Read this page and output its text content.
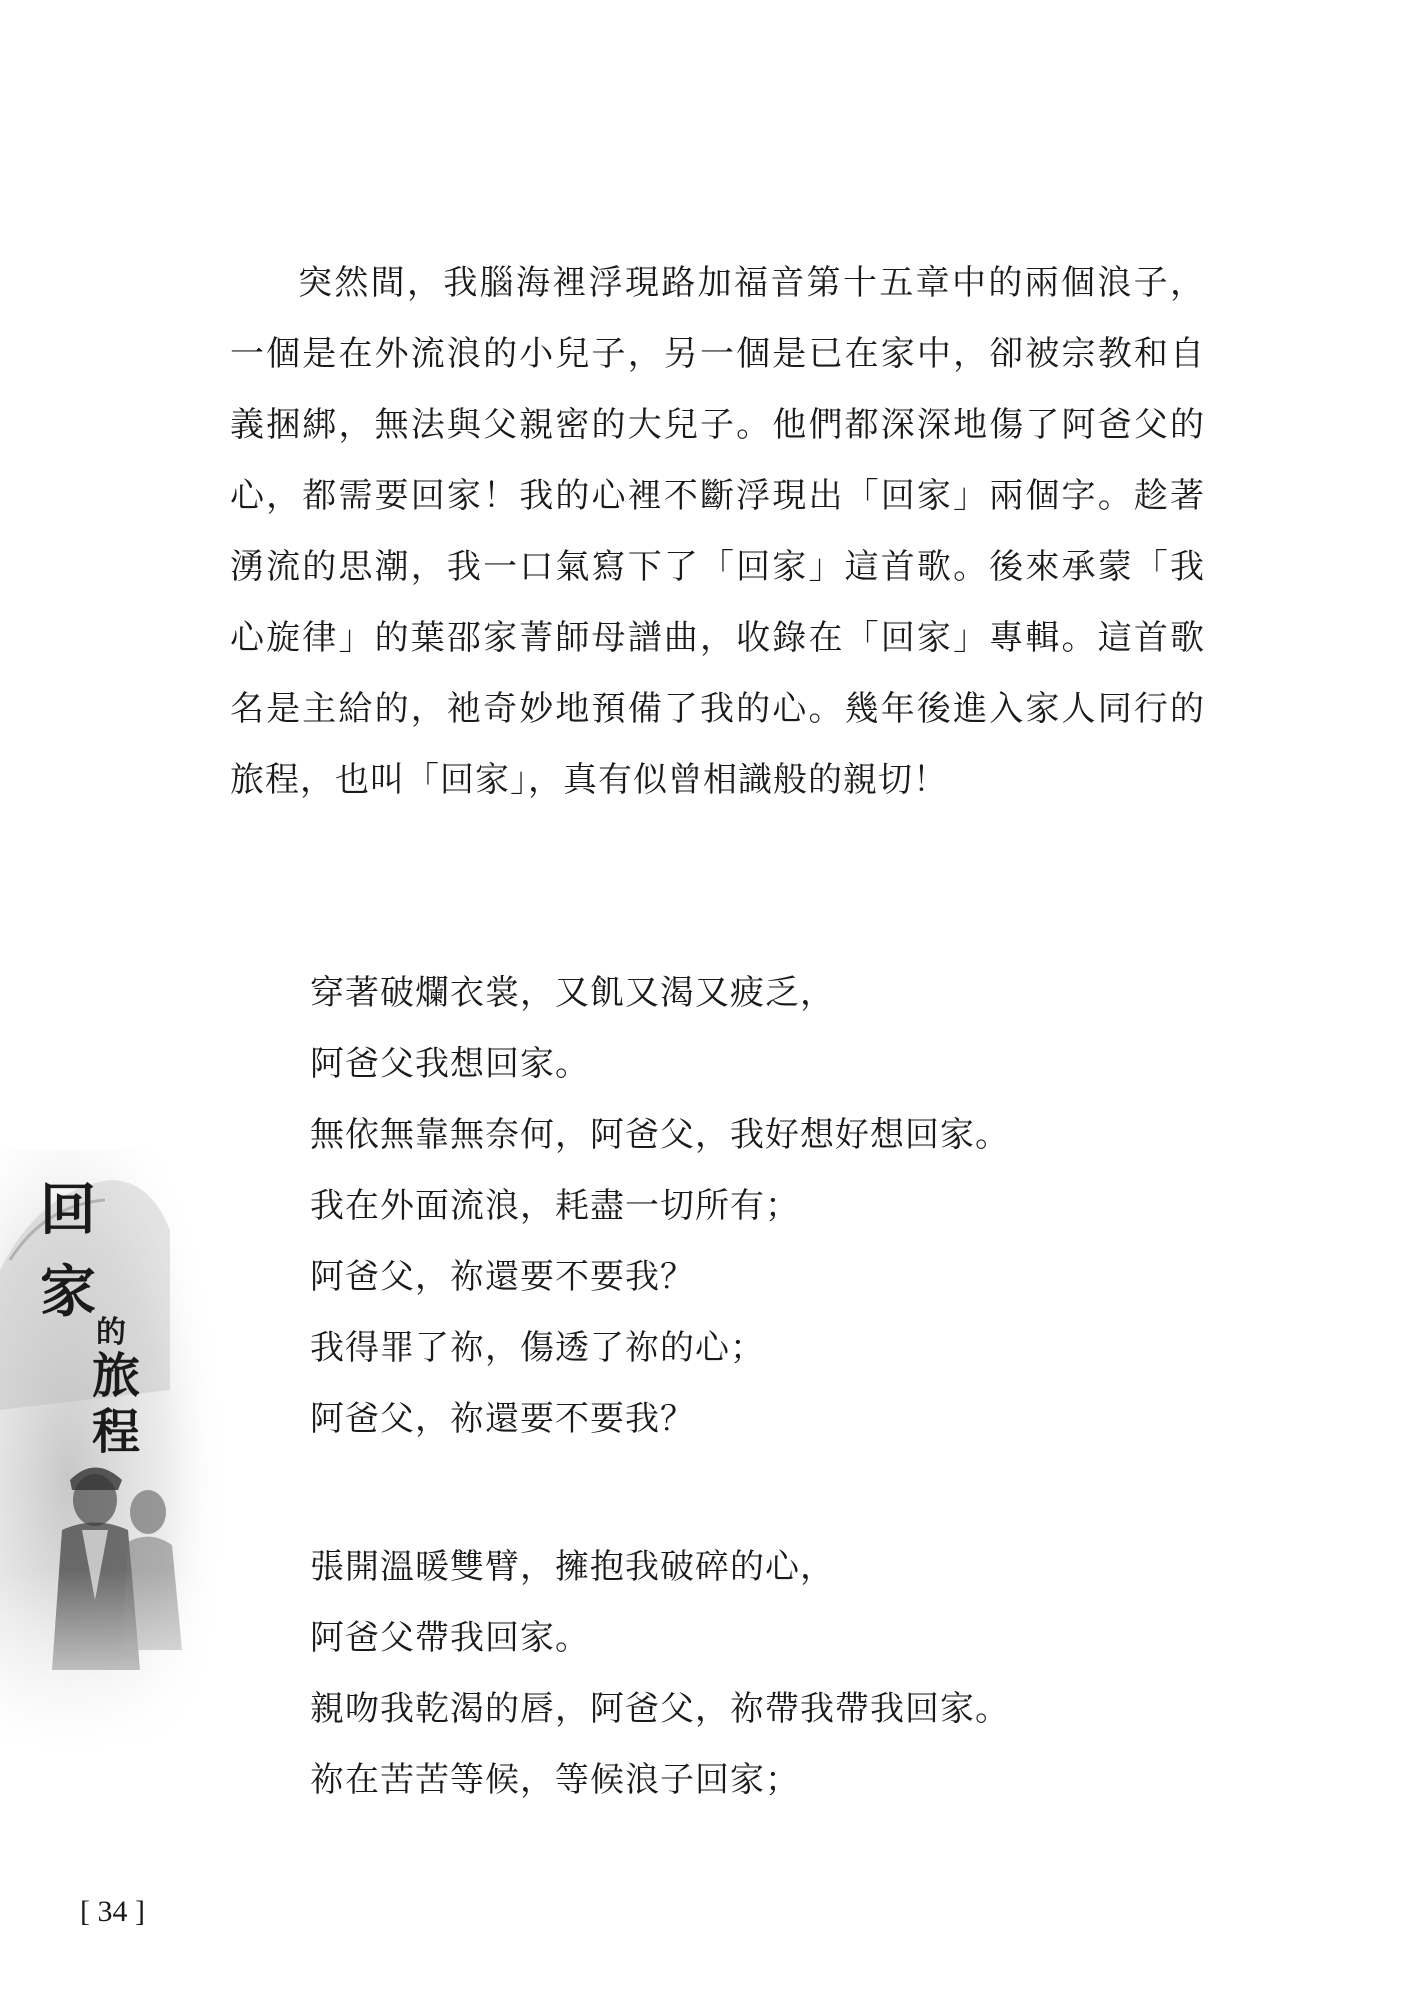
突然間，我腦海裡浮現路加福音第十五章中的兩個浪子，一個是在外流浪的小兒子，另一個是已在家中，卻被宗教和自義捆綁，無法與父親密的大兒子。他們都深深地傷了阿爸父的心，都需要回家！我的心裡不斷浮現出「回家」兩個字。趁著湧流的思潮，我一口氣寫下了「回家」這首歌。後來承蒙「我心旋律」的葉邵家菁師母譜曲，收錄在「回家」專輯。這首歌名是主給的，祂奇妙地預備了我的心。幾年後進入家人同行的旅程，也叫「回家」，真有似曾相識般的親切！

穿著破爛衣裳，又飢又渴又疲乏，
阿爸父我想回家。
無依無靠無奈何，阿爸父，我好想好想回家。
我在外面流浪，耗盡一切所有；
阿爸父，祢還要不要我？
我得罪了祢，傷透了祢的心；
阿爸父，祢還要不要我？
張開溫暖雙臂，擁抱我破碎的心，
阿爸父帶我回家。
親吻我乾渴的唇，阿爸父，祢帶我帶我回家。
祢在苦苦等候，等候浪子回家；
回
家
的
旅
程
[ 34 ]
